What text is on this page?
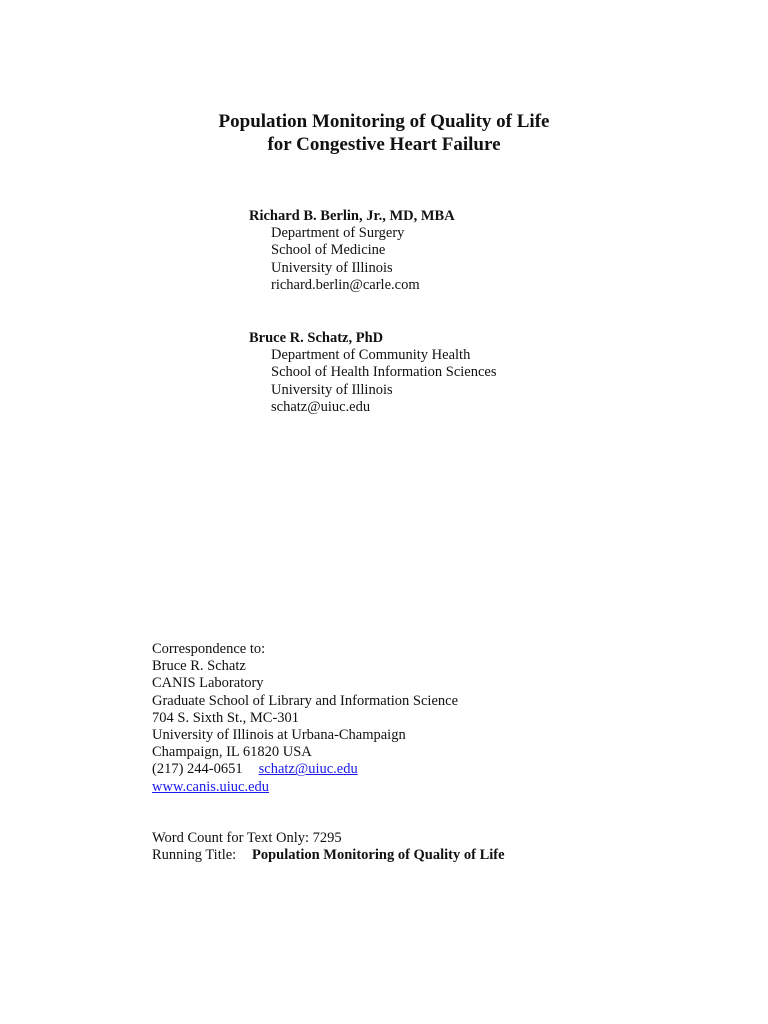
Population Monitoring of Quality of Life
for Congestive Heart Failure
Richard B. Berlin, Jr., MD, MBA
Department of Surgery
School of Medicine
University of Illinois
richard.berlin@carle.com
Bruce R. Schatz, PhD
Department of Community Health
School of Health Information Sciences
University of Illinois
schatz@uiuc.edu
Correspondence to:
Bruce R. Schatz
CANIS Laboratory
Graduate School of Library and Information Science
704 S. Sixth St., MC-301
University of Illinois at Urbana-Champaign
Champaign, IL 61820 USA
(217) 244-0651 schatz@uiuc.edu
www.canis.uiuc.edu
Word Count for Text Only: 7295
Running Title: Population Monitoring of Quality of Life
